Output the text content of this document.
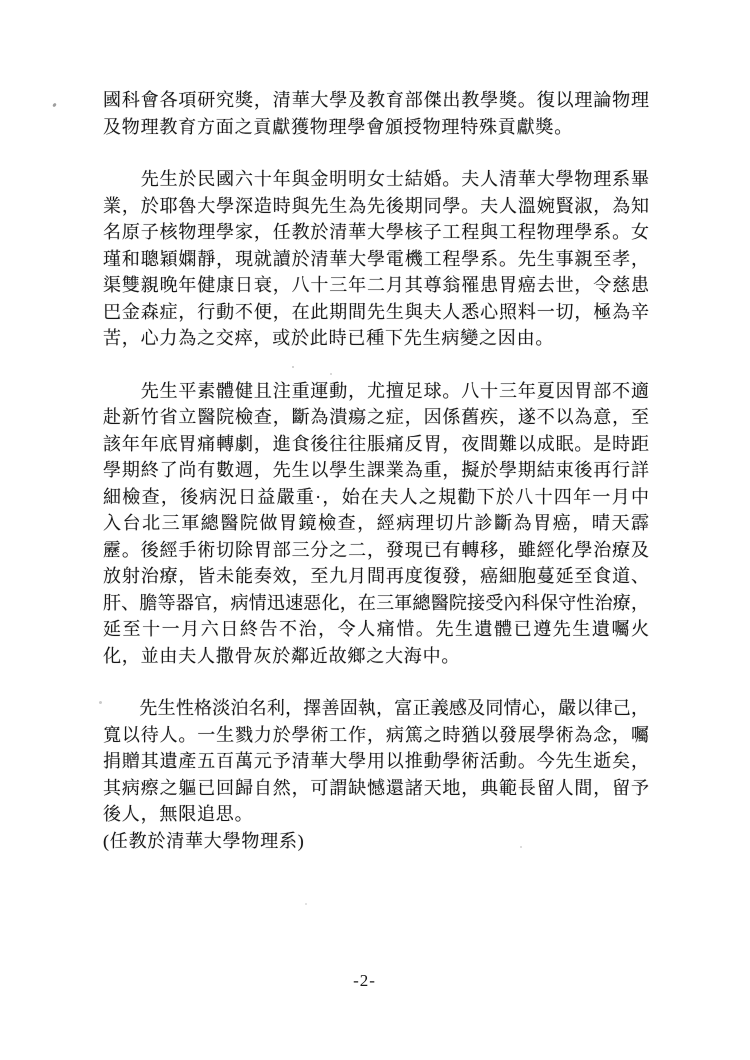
國科會各項研究獎，清華大學及教育部傑出教學獎。復以理論物理
及物理教育方面之貢獻獲物理學會頒授物理特殊貢獻獎。
　　先生於民國六十年與金明明女士結婚。夫人清華大學物理系畢
業，於耶魯大學深造時與先生為先後期同學。夫人溫婉賢淑，為知
名原子核物理學家，任教於清華大學核子工程與工程物理學系。女
瑾和聰穎嫻靜，現就讀於清華大學電機工程學系。先生事親至孝，
渠雙親晚年健康日衰，八十三年二月其尊翁罹患胃癌去世，令慈患
巴金森症，行動不便，在此期間先生與夫人悉心照料一切，極為辛
苦，心力為之交瘁，或於此時已種下先生病變之因由。
　　先生平素體健且注重運動，尤擅足球。八十三年夏因胃部不適
赴新竹省立醫院檢查，斷為潰瘍之症，因係舊疾，遂不以為意，至
該年年底胃痛轉劇，進食後往往脹痛反胃，夜間難以成眠。是時距
學期終了尚有數週，先生以學生課業為重，擬於學期結束後再行詳
細檢查，後病況日益嚴重·，始在夫人之規勸下於八十四年一月中
入台北三軍總醫院做胃鏡檢查，經病理切片診斷為胃癌，晴天霹
靂。後經手術切除胃部三分之二，發現已有轉移，雖經化學治療及
放射治療，皆未能奏效，至九月間再度復發，癌細胞蔓延至食道、
肝、膽等器官，病情迅速惡化，在三軍總醫院接受內科保守性治療，
延至十一月六日終告不治，令人痛惜。先生遺體已遵先生遺囑火
化，並由夫人撒骨灰於鄰近故鄉之大海中。
　　先生性格淡泊名利，擇善固執，富正義感及同情心，嚴以律己，
寬以待人。一生戮力於學術工作，病篤之時猶以發展學術為念，囑
捐贈其遺產五百萬元予清華大學用以推動學術活動。今先生逝矣，
其病瘵之軀已回歸自然，可謂缺憾還諸天地，典範長留人間，留予
後人，無限追思。
(任教於清華大學物理系)
-2-
